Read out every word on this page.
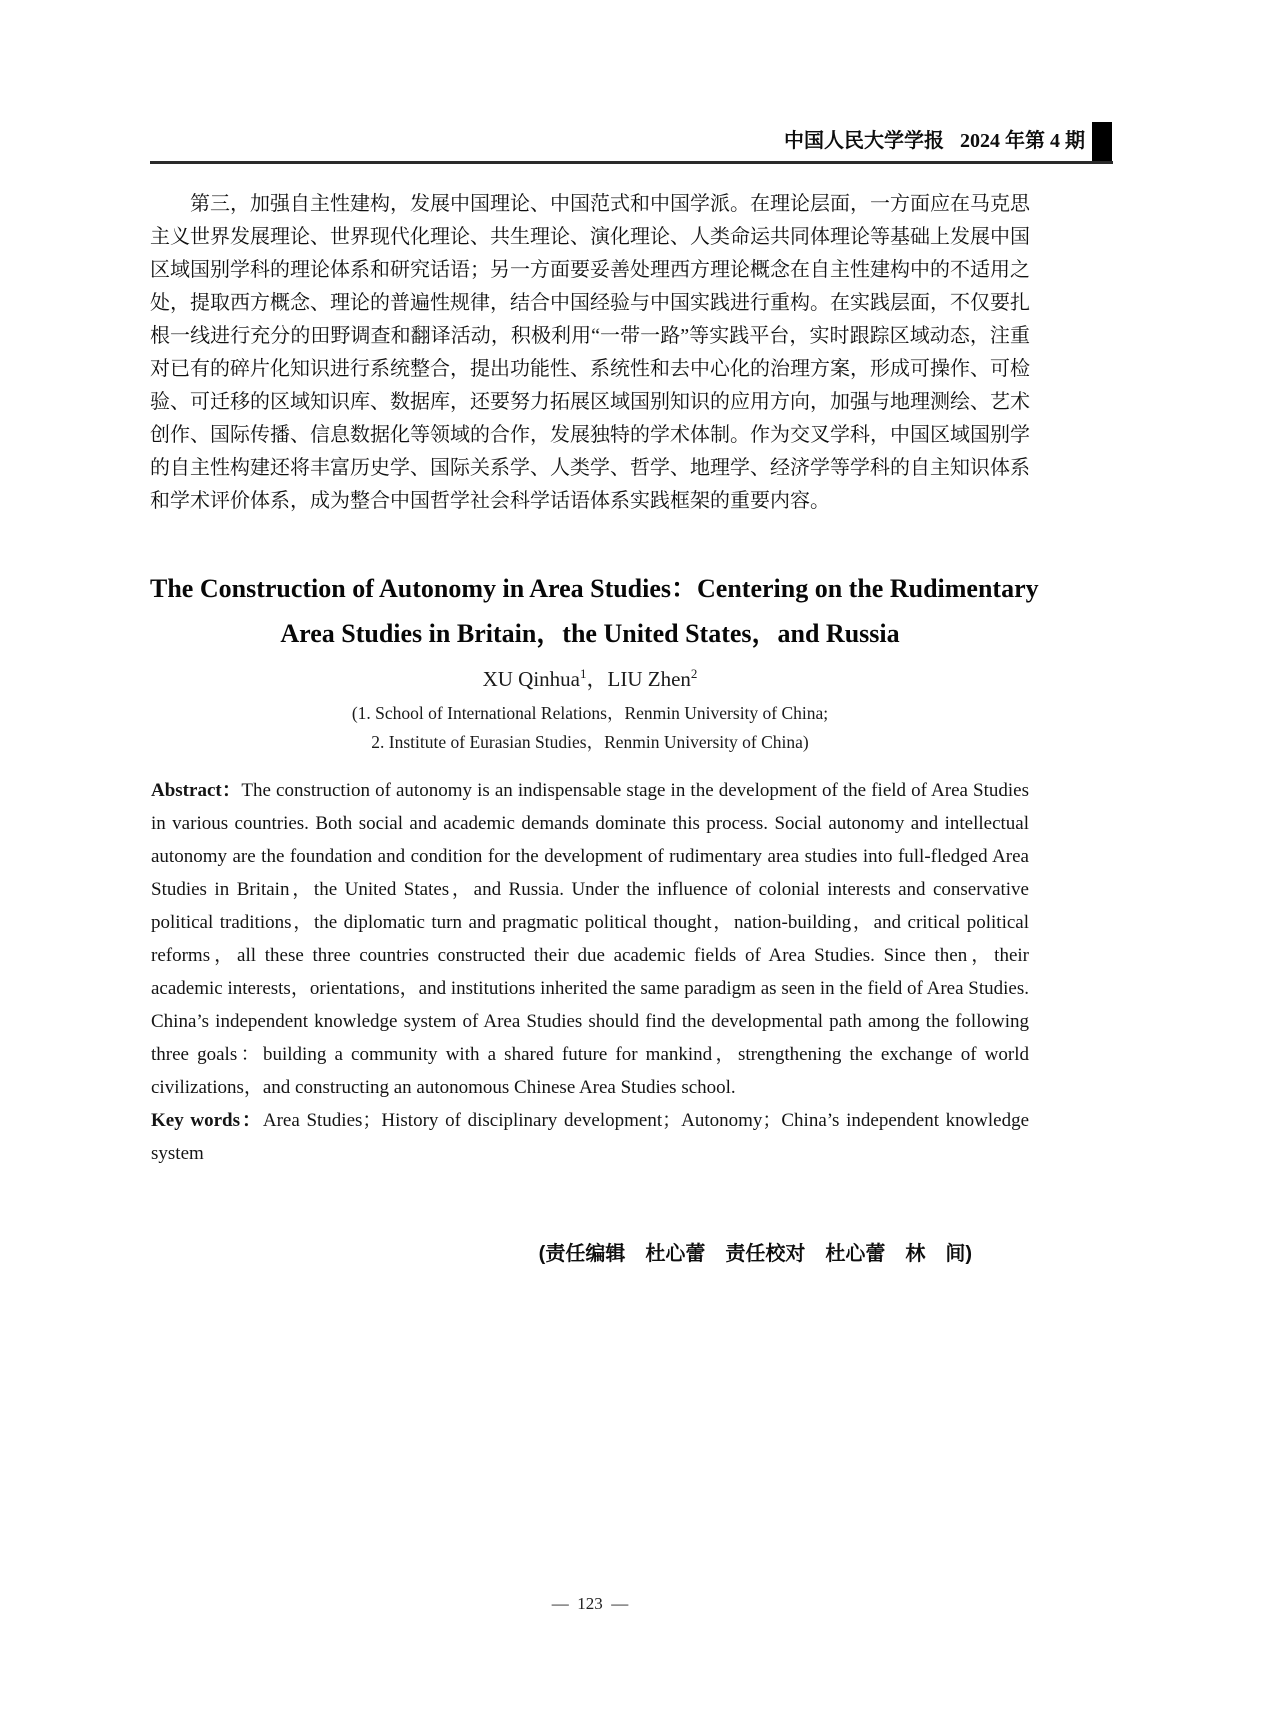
中国人民大学学报 2024 年第 4 期
第三，加强自主性建构，发展中国理论、中国范式和中国学派。在理论层面，一方面应在马克思主义世界发展理论、世界现代化理论、共生理论、演化理论、人类命运共同体理论等基础上发展中国区域国别学科的理论体系和研究话语；另一方面要妥善处理西方理论概念在自主性建构中的不适用之处，提取西方概念、理论的普遍性规律，结合中国经验与中国实践进行重构。在实践层面，不仅要扎根一线进行充分的田野调查和翻译活动，积极利用“一带一路”等实践平台，实时跟踪区域动态，注重对已有的碎片化知识进行系统整合，提出功能性、系统性和去中心化的治理方案，形成可操作、可检验、可迁移的区域知识库、数据库，还要努力拓展区域国别知识的应用方向，加强与地理测绘、艺术创作、国际传播、信息数据化等领域的合作，发展独特的学术体制。作为交叉学科，中国区域国别学的自主性构建还将丰富历史学、国际关系学、人类学、哲学、地理学、经济学等学科的自主知识体系和学术评价体系，成为整合中国哲学社会科学话语体系实践框架的重要内容。
The Construction of Autonomy in Area Studies：Centering on the Rudimentary
Area Studies in Britain，the United States，and Russia
XU Qinhua$^1$，LIU Zhen$^2$
(1. School of International Relations，Renmin University of China;
2. Institute of Eurasian Studies，Renmin University of China)

Abstract：The construction of autonomy is an indispensable stage in the development of the field of Area Studies in various countries. Both social and academic demands dominate this process. Social autonomy and intellectual autonomy are the foundation and condition for the development of rudimentary area studies into full-fledged Area Studies in Britain，the United States，and Russia. Under the influence of colonial interests and conservative political traditions，the diplomatic turn and pragmatic political thought，nation-building，and critical political reforms，all these three countries constructed their due academic fields of Area Studies. Since then，their academic interests，orientations，and institutions inherited the same paradigm as seen in the field of Area Studies. China’s independent knowledge system of Area Studies should find the developmental path among the following three goals：building a community with a shared future for mankind，strengthening the exchange of world civilizations，and constructing an autonomous Chinese Area Studies school.

Key words：Area Studies；History of disciplinary development；Autonomy；China’s independent knowledge system

(责任编辑　杜心蕾　责任校对　杜心蕾　林　间)
—  123  —
